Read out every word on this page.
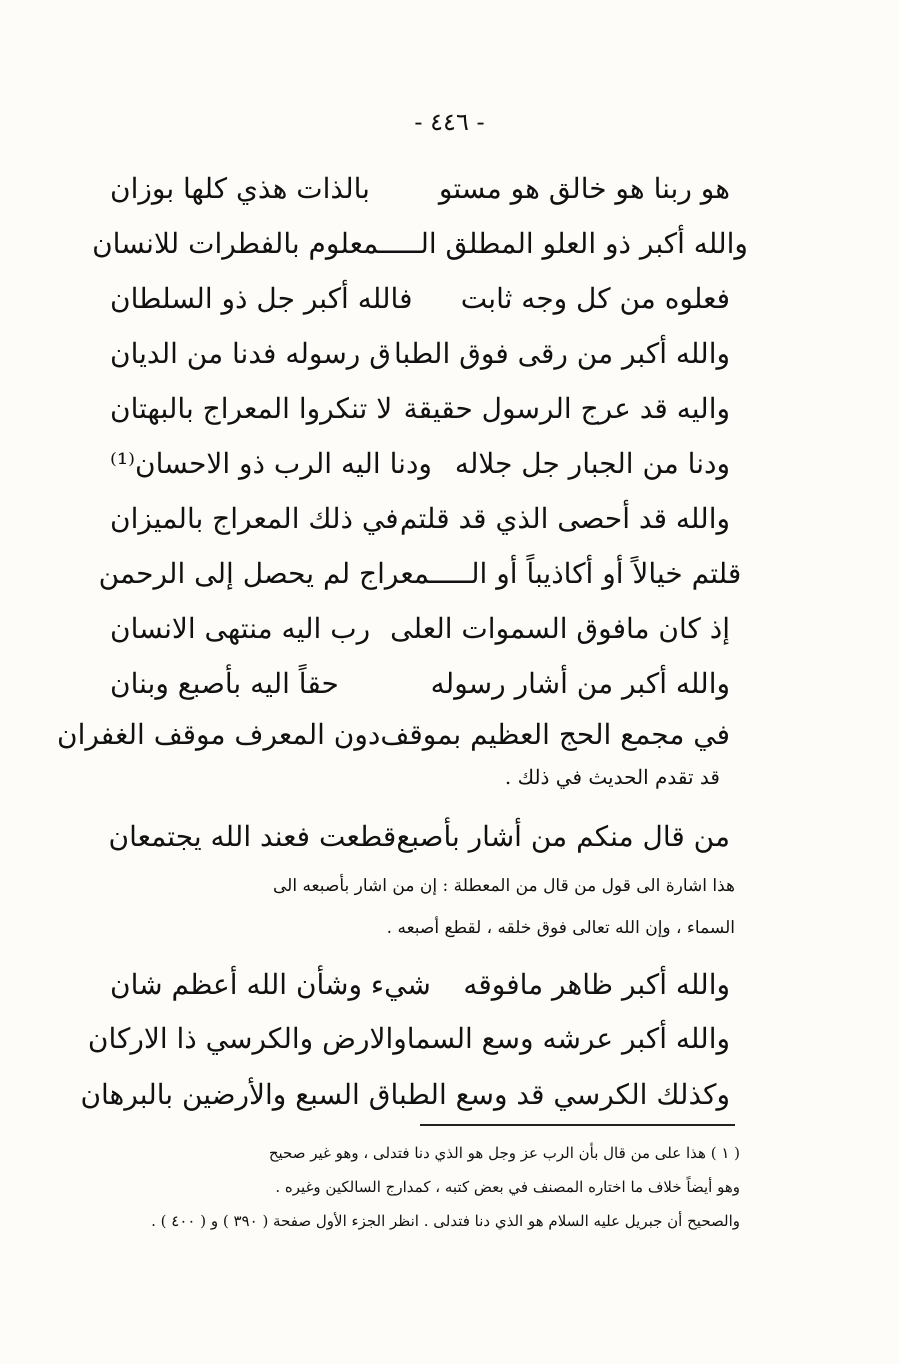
- ٤٤٦ -
هو ربنا هو خالق هو مستو
بالذات هذي كلها بوزان
والله أكبر ذو العلو المطلق الـــــمعلوم بالفطرات للانسان
فعلوه من كل وجه ثابت
فالله أكبر جل ذو السلطان
والله أكبر من رقى فوق الطبا
ق رسوله فدنا من الديان
واليه قد عرج الرسول حقيقة
لا تنكروا المعراج بالبهتان
ودنا من الجبار جل جلاله
ودنا اليه الرب ذو الاحسان⁽¹⁾
والله قد أحصى الذي قد قلتم
في ذلك المعراج بالميزان
قلتم خيالاً أو أكاذيباً أو الـــــمعراج لم يحصل إلى الرحمن
إذ كان مافوق السموات العلى
رب اليه منتهى الانسان
والله أكبر من أشار رسوله
حقاً اليه بأصبع وبنان
في مجمع الحج العظيم بموقف
دون المعرف موقف الغفران
قد تقدم الحديث في ذلك .
من قال منكم من أشار بأصبع
قطعت فعند الله يجتمعان
هذا اشارة الى قول من قال من المعطلة : إن من اشار بأصبعه الى
السماء ، وإن الله تعالى فوق خلقه ، لقطع أصبعه .
والله أكبر ظاهر مافوقه
شيء وشأن الله أعظم شان
والله أكبر عرشه وسع السما
والارض والكرسي ذا الاركان
وكذلك الكرسي قد وسع الطبا
ق السبع والأرضين بالبرهان
( ١ ) هذا على من قال بأن الرب عز وجل هو الذي دنا فتدلى ، وهو غير صحيح
وهو أيضاً خلاف ما اختاره المصنف في بعض كتبه ، كمدارج السالكين وغيره .
والصحيح أن جبريل عليه السلام هو الذي دنا فتدلى . انظر الجزء الأول صفحة ( ٣٩٠ ) و ( ٤٠٠ ) .
